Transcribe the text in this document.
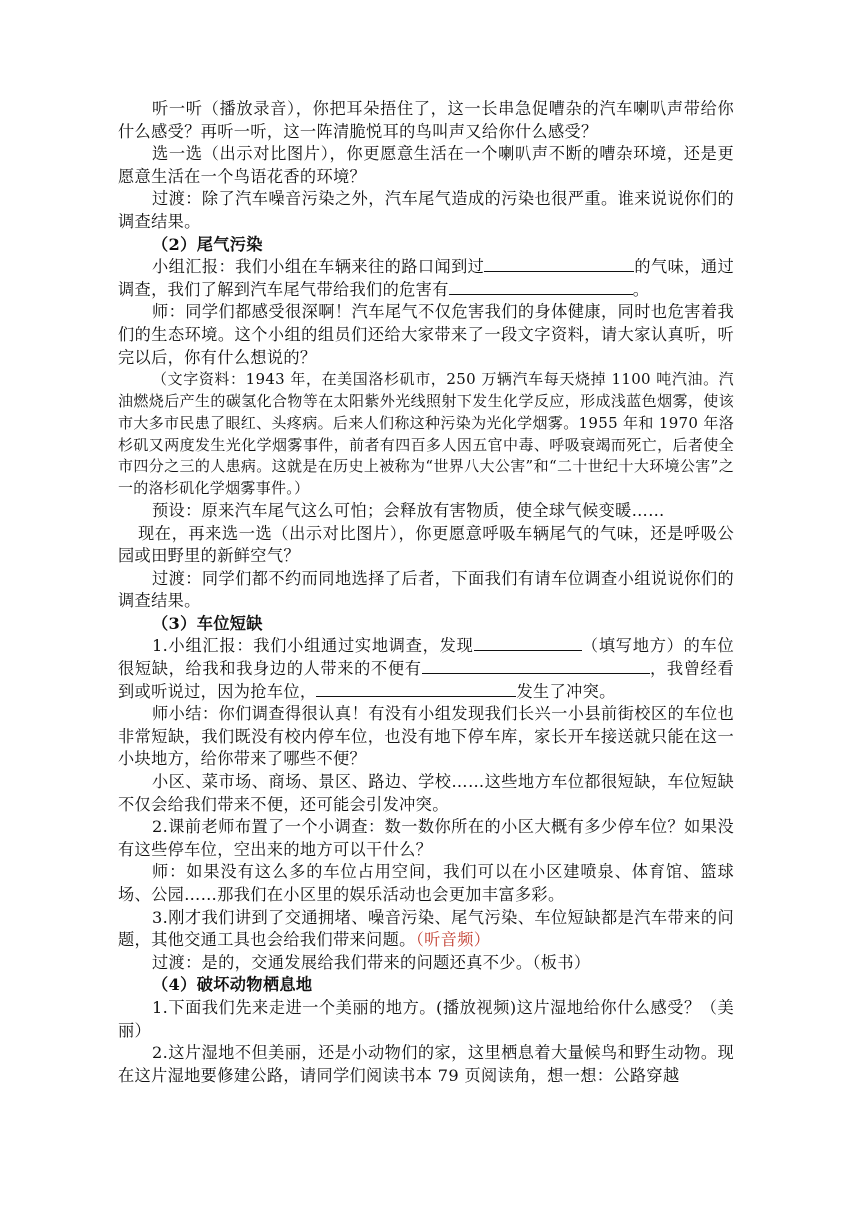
听一听（播放录音），你把耳朵捂住了，这一长串急促嘈杂的汽车喇叭声带给你什么感受？再听一听，这一阵清脆悦耳的鸟叫声又给你什么感受？

选一选（出示对比图片），你更愿意生活在一个喇叭声不断的嘈杂环境，还是更愿意生活在一个鸟语花香的环境？

过渡：除了汽车噪音污染之外，汽车尾气造成的污染也很严重。谁来说说你们的调查结果。

（2）尾气污染

小组汇报：我们小组在车辆来往的路口闻到过	的气味，通过调查，我们了解到汽车尾气带给我们的危害有	。

师：同学们都感受很深啊！汽车尾气不仅危害我们的身体健康，同时也危害着我们的生态环境。这个小组的组员们还给大家带来了一段文字资料，请大家认真听，听完以后，你有什么想说的？

（文字资料：1943 年，在美国洛杉矶市，250 万辆汽车每天烧掉 1100 吨汽油。汽油燃烧后产生的碳氢化合物等在太阳紫外光线照射下发生化学反应，形成浅蓝色烟雾，使该市大多市民患了眼红、头疼病。后来人们称这种污染为光化学烟雾。1955 年和 1970 年洛杉矶又两度发生光化学烟雾事件，前者有四百多人因五官中毒、呼吸衰竭而死亡，后者使全市四分之三的人患病。这就是在历史上被称为“世界八大公害”和“二十世纪十大环境公害”之一的洛杉矶化学烟雾事件。）

预设：原来汽车尾气这么可怕；会释放有害物质，使全球气候变暖……

现在，再来选一选（出示对比图片），你更愿意呼吸车辆尾气的气味，还是呼吸公园或田野里的新鲜空气？

过渡：同学们都不约而同地选择了后者，下面我们有请车位调查小组说说你们的调查结果。

（3）车位短缺

1.小组汇报：我们小组通过实地调查，发现	（填写地方）的车位很短缺，给我和我身边的人带来的不便有	，我曾经看到或听说过，因为抢车位，	发生了冲突。

师小结：你们调查得很认真！有没有小组发现我们长兴一小县前街校区的车位也非常短缺，我们既没有校内停车位，也没有地下停车库，家长开车接送就只能在这一小块地方，给你带来了哪些不便？

小区、菜市场、商场、景区、路边、学校……这些地方车位都很短缺，车位短缺不仅会给我们带来不便，还可能会引发冲突。

2.课前老师布置了一个小调查：数一数你所在的小区大概有多少停车位？如果没有这些停车位，空出来的地方可以干什么？

师：如果没有这么多的车位占用空间，我们可以在小区建喷泉、体育馆、篮球场、公园……那我们在小区里的娱乐活动也会更加丰富多彩。

3.刚才我们讲到了交通拥堵、噪音污染、尾气污染、车位短缺都是汽车带来的问题，其他交通工具也会给我们带来问题。（听音频）

过渡：是的，交通发展给我们带来的问题还真不少。（板书）

（4）破坏动物栖息地

1.下面我们先来走进一个美丽的地方。(播放视频)这片湿地给你什么感受？（美丽）

2.这片湿地不但美丽，还是小动物们的家，这里栖息着大量候鸟和野生动物。现在这片湿地要修建公路，请同学们阅读书本 79 页阅读角，想一想：公路穿越
